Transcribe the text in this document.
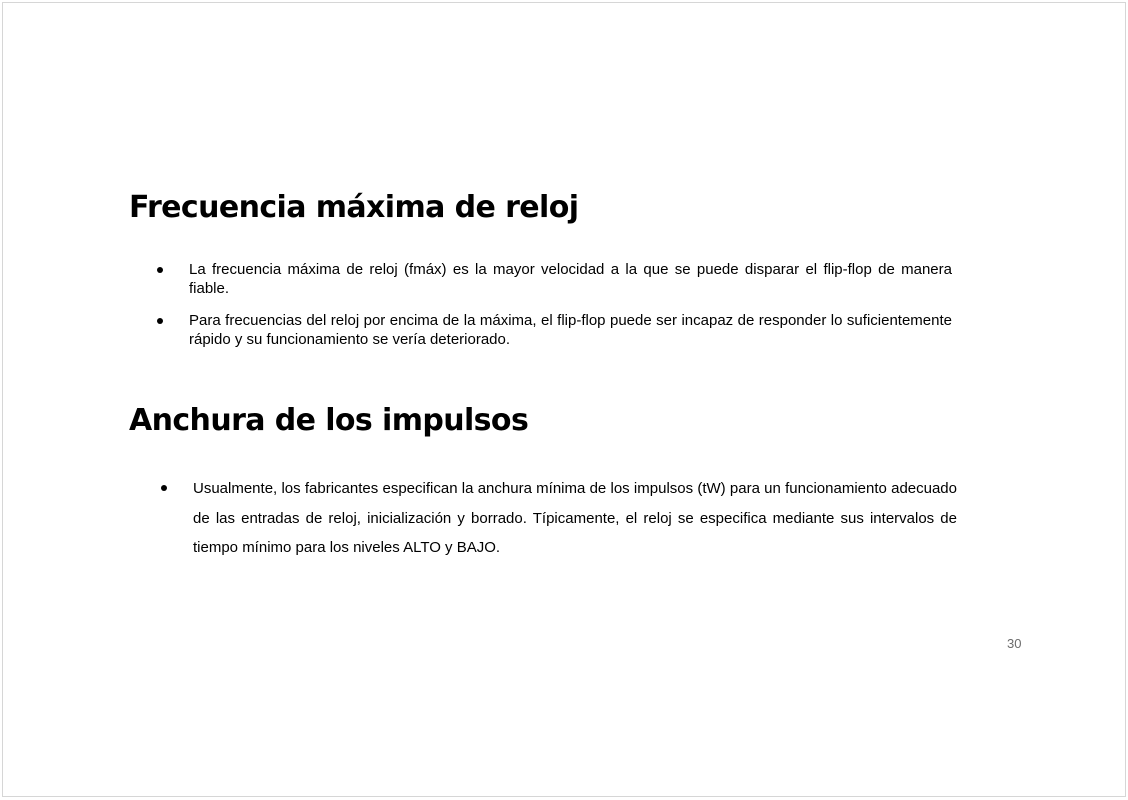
Frecuencia máxima de reloj
La frecuencia máxima de reloj (fmáx) es la mayor velocidad a la que se puede disparar el flip-flop de manera fiable.
Para frecuencias del reloj por encima de la máxima, el flip-flop puede ser incapaz de responder lo suficientemente rápido y su funcionamiento se vería deteriorado.
Anchura de los impulsos
Usualmente, los fabricantes especifican la anchura mínima de los impulsos (tW) para un funcionamiento adecuado de las entradas de reloj, inicialización y borrado. Típicamente, el reloj se especifica mediante sus intervalos de tiempo mínimo para los niveles ALTO y BAJO.
30
